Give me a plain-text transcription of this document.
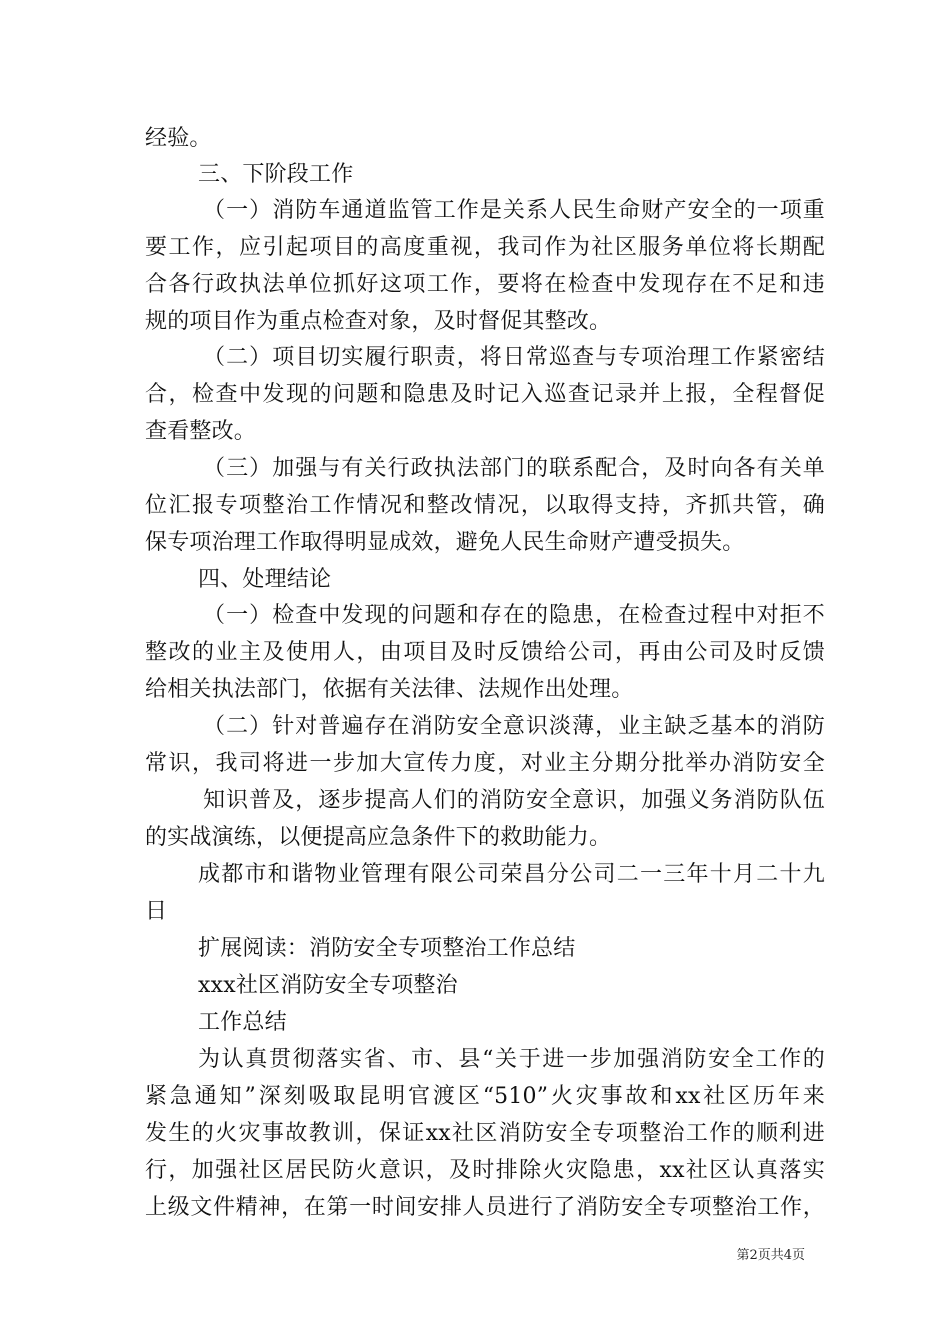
经验。
三、下阶段工作
（一）消防车通道监管工作是关系人民生命财产安全的一项重
要工作，应引起项目的高度重视，我司作为社区服务单位将长期配
合各行政执法单位抓好这项工作，要将在检查中发现存在不足和违
规的项目作为重点检查对象，及时督促其整改。
（二）项目切实履行职责，将日常巡查与专项治理工作紧密结
合，检查中发现的问题和隐患及时记入巡查记录并上报，全程督促
查看整改。
（三）加强与有关行政执法部门的联系配合，及时向各有关单
位汇报专项整治工作情况和整改情况，以取得支持，齐抓共管，确
保专项治理工作取得明显成效，避免人民生命财产遭受损失。
四、处理结论
（一）检查中发现的问题和存在的隐患，在检查过程中对拒不
整改的业主及使用人，由项目及时反馈给公司，再由公司及时反馈
给相关执法部门，依据有关法律、法规作出处理。
（二）针对普遍存在消防安全意识淡薄，业主缺乏基本的消防
常识，我司将进一步加大宣传力度，对业主分期分批举办消防安全
知识普及，逐步提高人们的消防安全意识，加强义务消防队伍
的实战演练，以便提高应急条件下的救助能力。
成都市和谐物业管理有限公司荣昌分公司二一三年十月二十九
日
扩展阅读：消防安全专项整治工作总结
xxx社区消防安全专项整治
工作总结
为认真贯彻落实省、市、县“关于进一步加强消防安全工作的
紧急通知”深刻吸取昆明官渡区“510”火灾事故和xx社区历年来
发生的火灾事故教训，保证xx社区消防安全专项整治工作的顺利进
行，加强社区居民防火意识，及时排除火灾隐患，xx社区认真落实
上级文件精神，在第一时间安排人员进行了消防安全专项整治工作，
第2页共4页
